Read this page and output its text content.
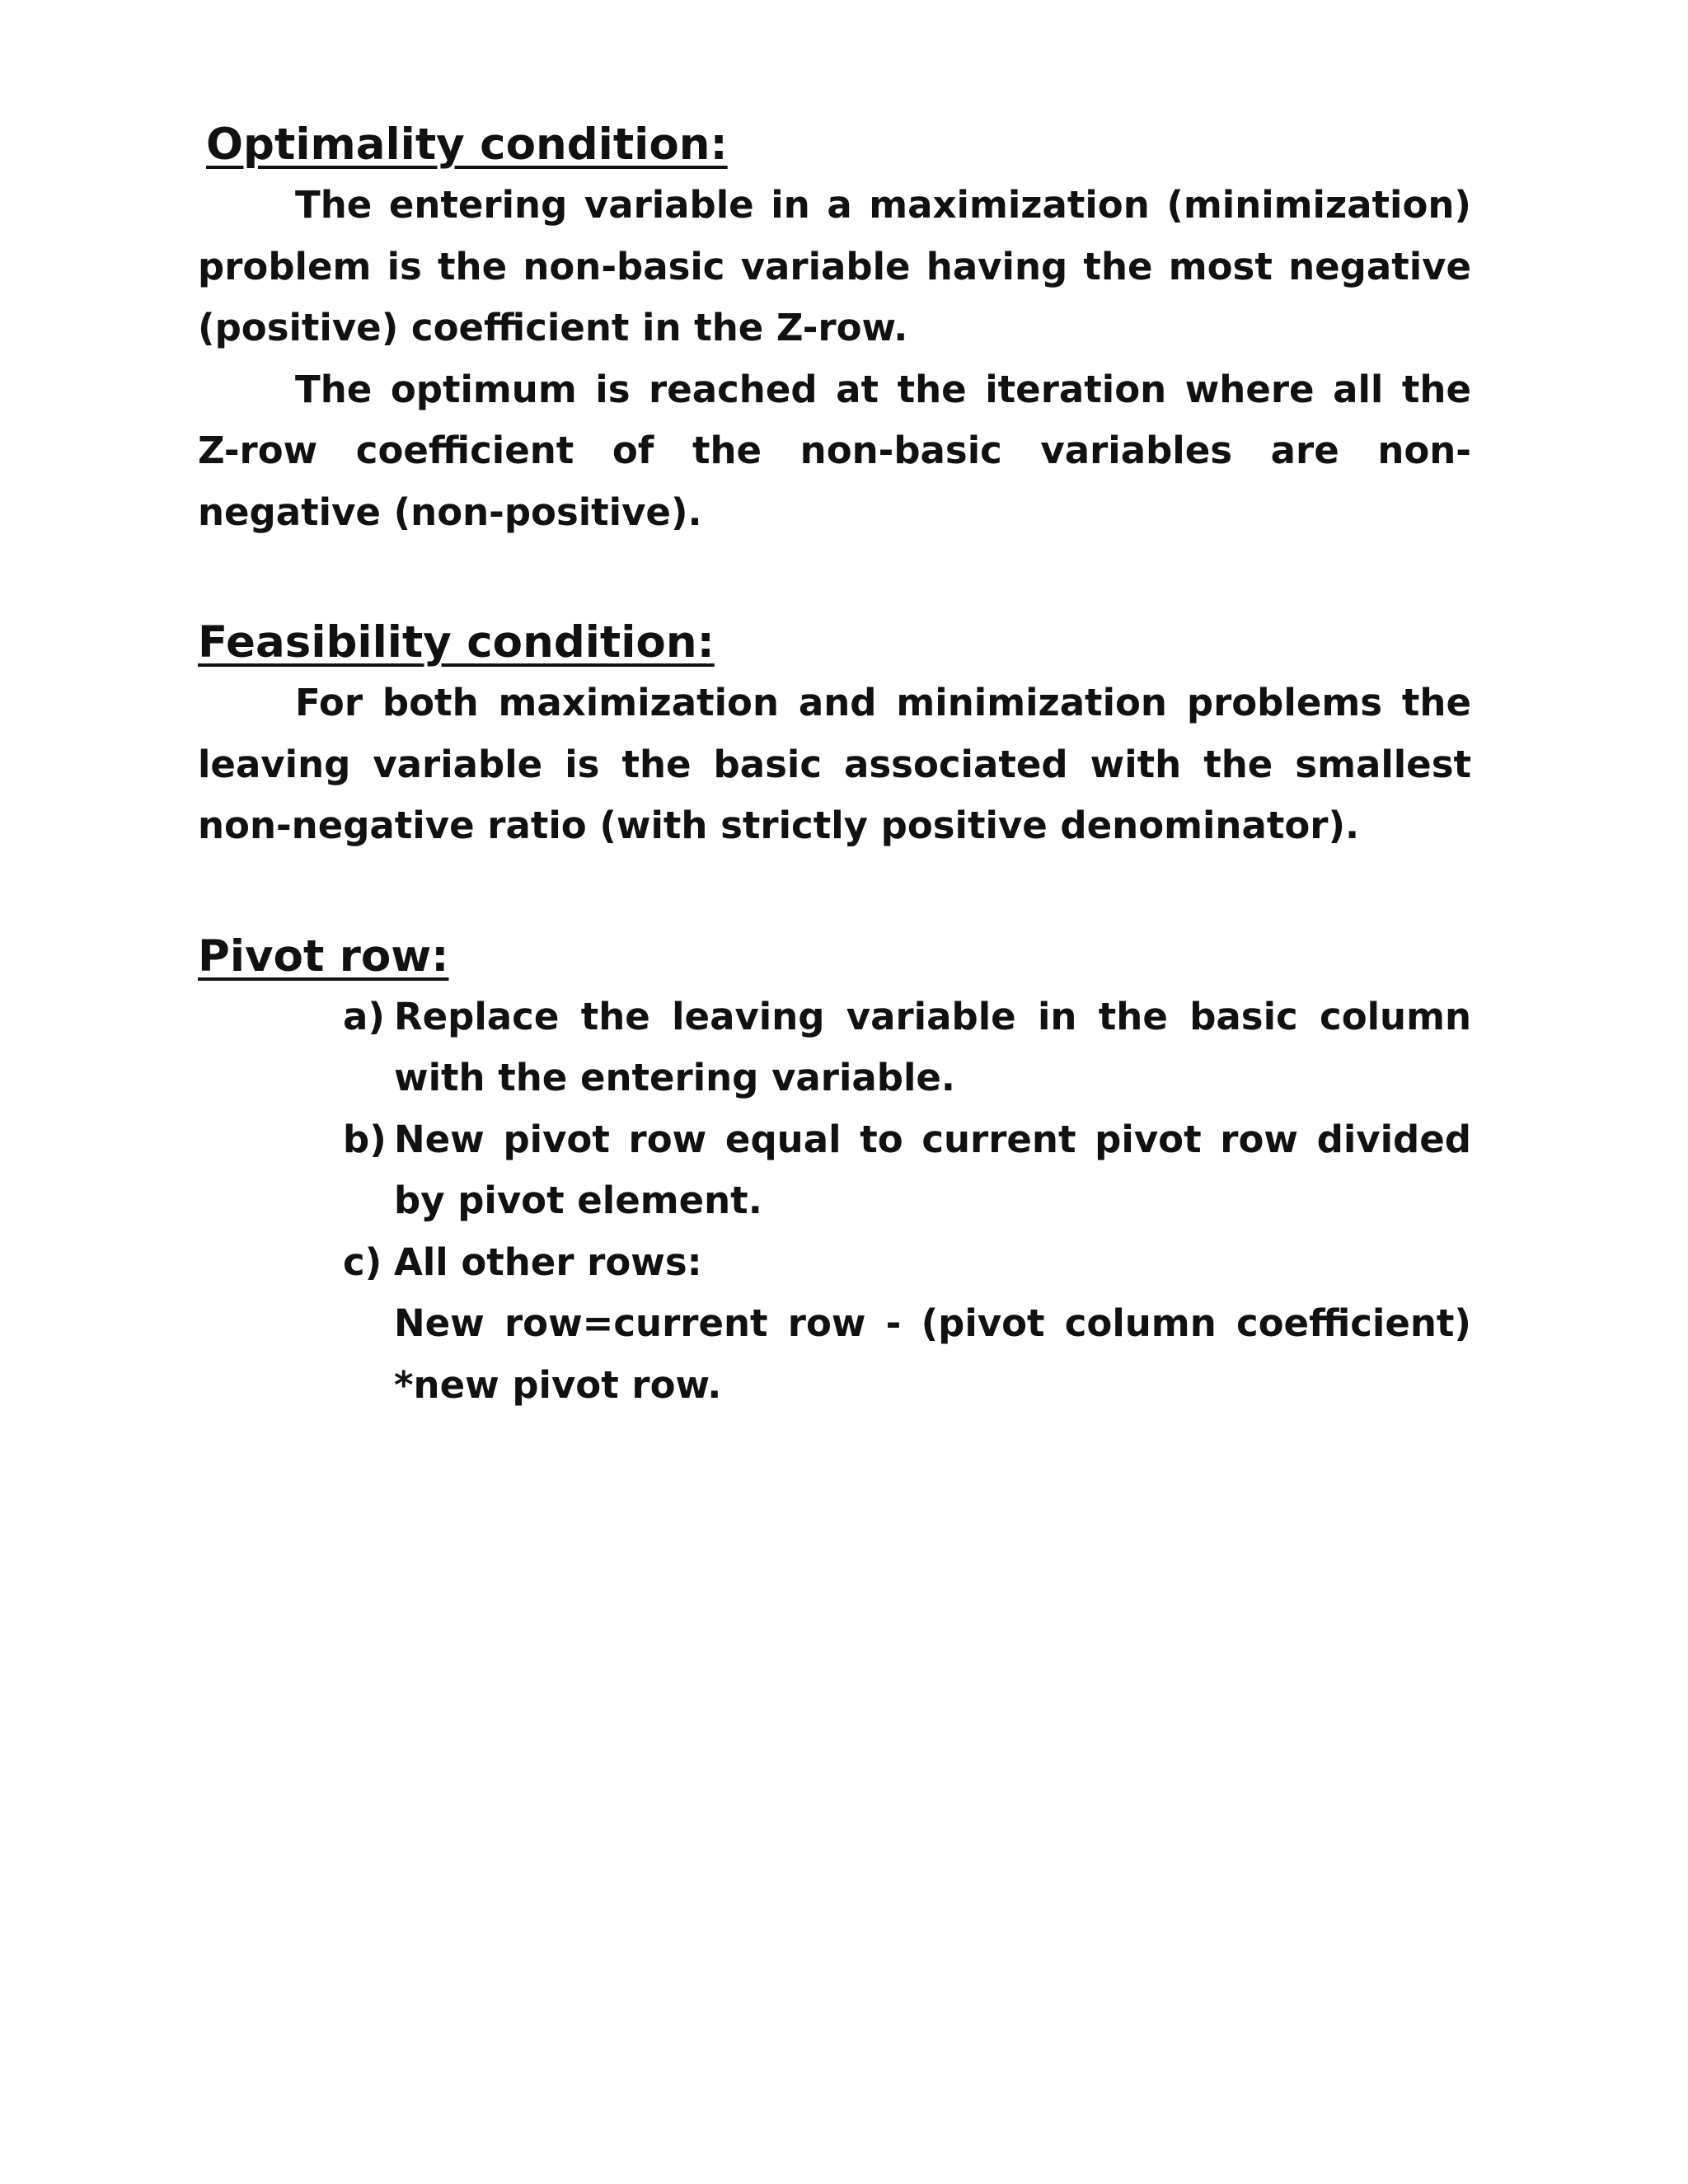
Optimality condition:

The entering variable in a maximization (minimization) problem is the non-basic variable having the most negative (positive) coefficient in the Z-row.

The optimum is reached at the iteration where all the Z-row coefficient of the non-basic variables are non-negative (non-positive).

Feasibility condition:

For both maximization and minimization problems the leaving variable is the basic associated with the smallest non-negative ratio (with strictly positive denominator).

Pivot row:
a) Replace the leaving variable in the basic column with the entering variable.
b) New pivot row equal to current pivot row divided by pivot element.
c) All other rows:
New row=current row - (pivot column coefficient) *new pivot row.
